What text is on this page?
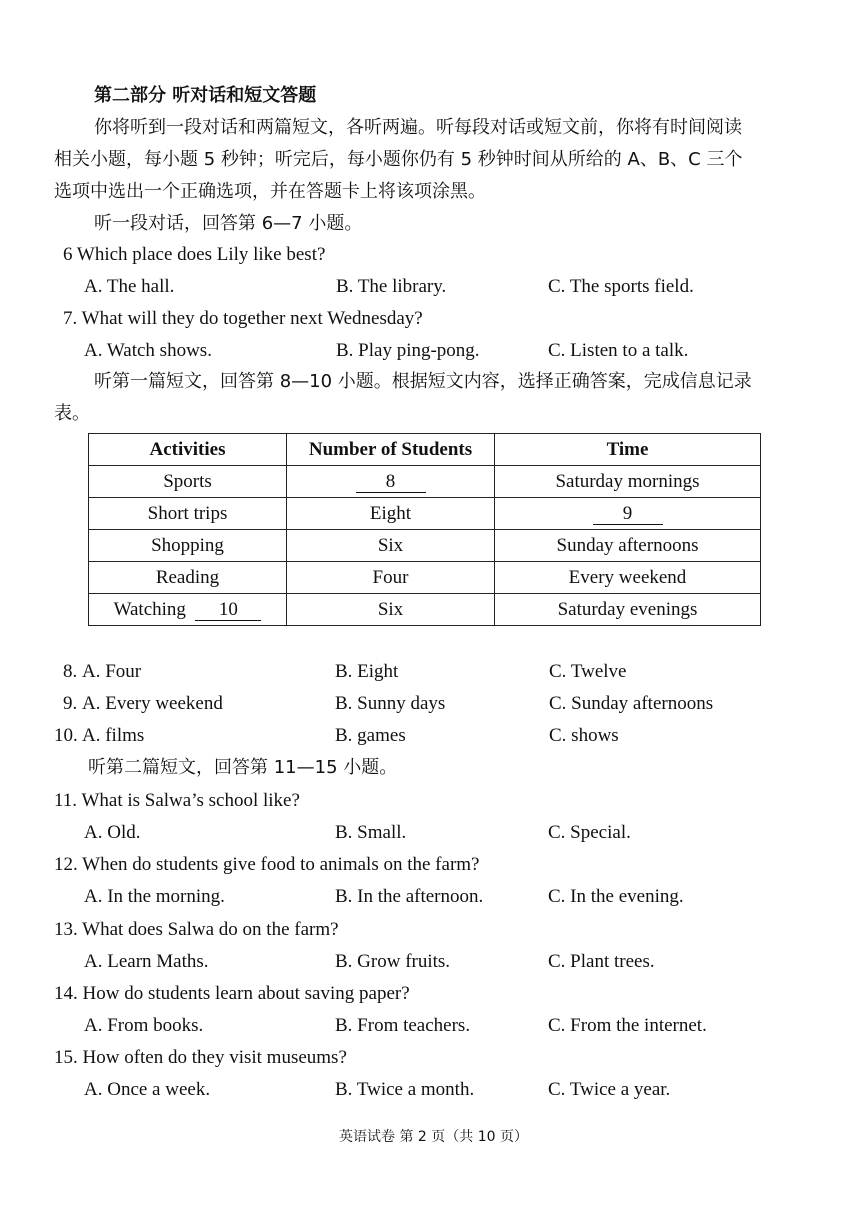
第二部分 听对话和短文答题
你将听到一段对话和两篇短文，各听两遍。听每段对话或短文前，你将有时间阅读
相关小题，每小题 5 秒钟；听完后，每小题你仍有 5 秒钟时间从所给的 A、B、C 三个
选项中选出一个正确选项，并在答题卡上将该项涂黑。
听一段对话，回答第 6—7 小题。
6 Which place does Lily like best?
A. The hall.	B. The library.	C. The sports field.
7. What will they do together next Wednesday?
A. Watch shows.	B. Play ping-pong.	C. Listen to a talk.
听第一篇短文，回答第 8—10 小题。根据短文内容，选择正确答案，完成信息记录
表。
Activities	Number of Students	Time
Sports	8	Saturday mornings
Short trips	Eight	9
Shopping	Six	Sunday afternoons
Reading	Four	Every weekend
Watching 10	Six	Saturday evenings
8. A. Four	B. Eight	C. Twelve
9. A. Every weekend	B. Sunny days	C. Sunday afternoons
10. A. films	B. games	C. shows
听第二篇短文，回答第 11—15 小题。
11. What is Salwa’s school like?
A. Old.	B. Small.	C. Special.
12. When do students give food to animals on the farm?
A. In the morning.	B. In the afternoon.	C. In the evening.
13. What does Salwa do on the farm?
A. Learn Maths.	B. Grow fruits.	C. Plant trees.
14. How do students learn about saving paper?
A. From books.	B. From teachers.	C. From the internet.
15. How often do they visit museums?
A. Once a week.	B. Twice a month.	C. Twice a year.
英语试卷 第 2 页（共 10 页）
